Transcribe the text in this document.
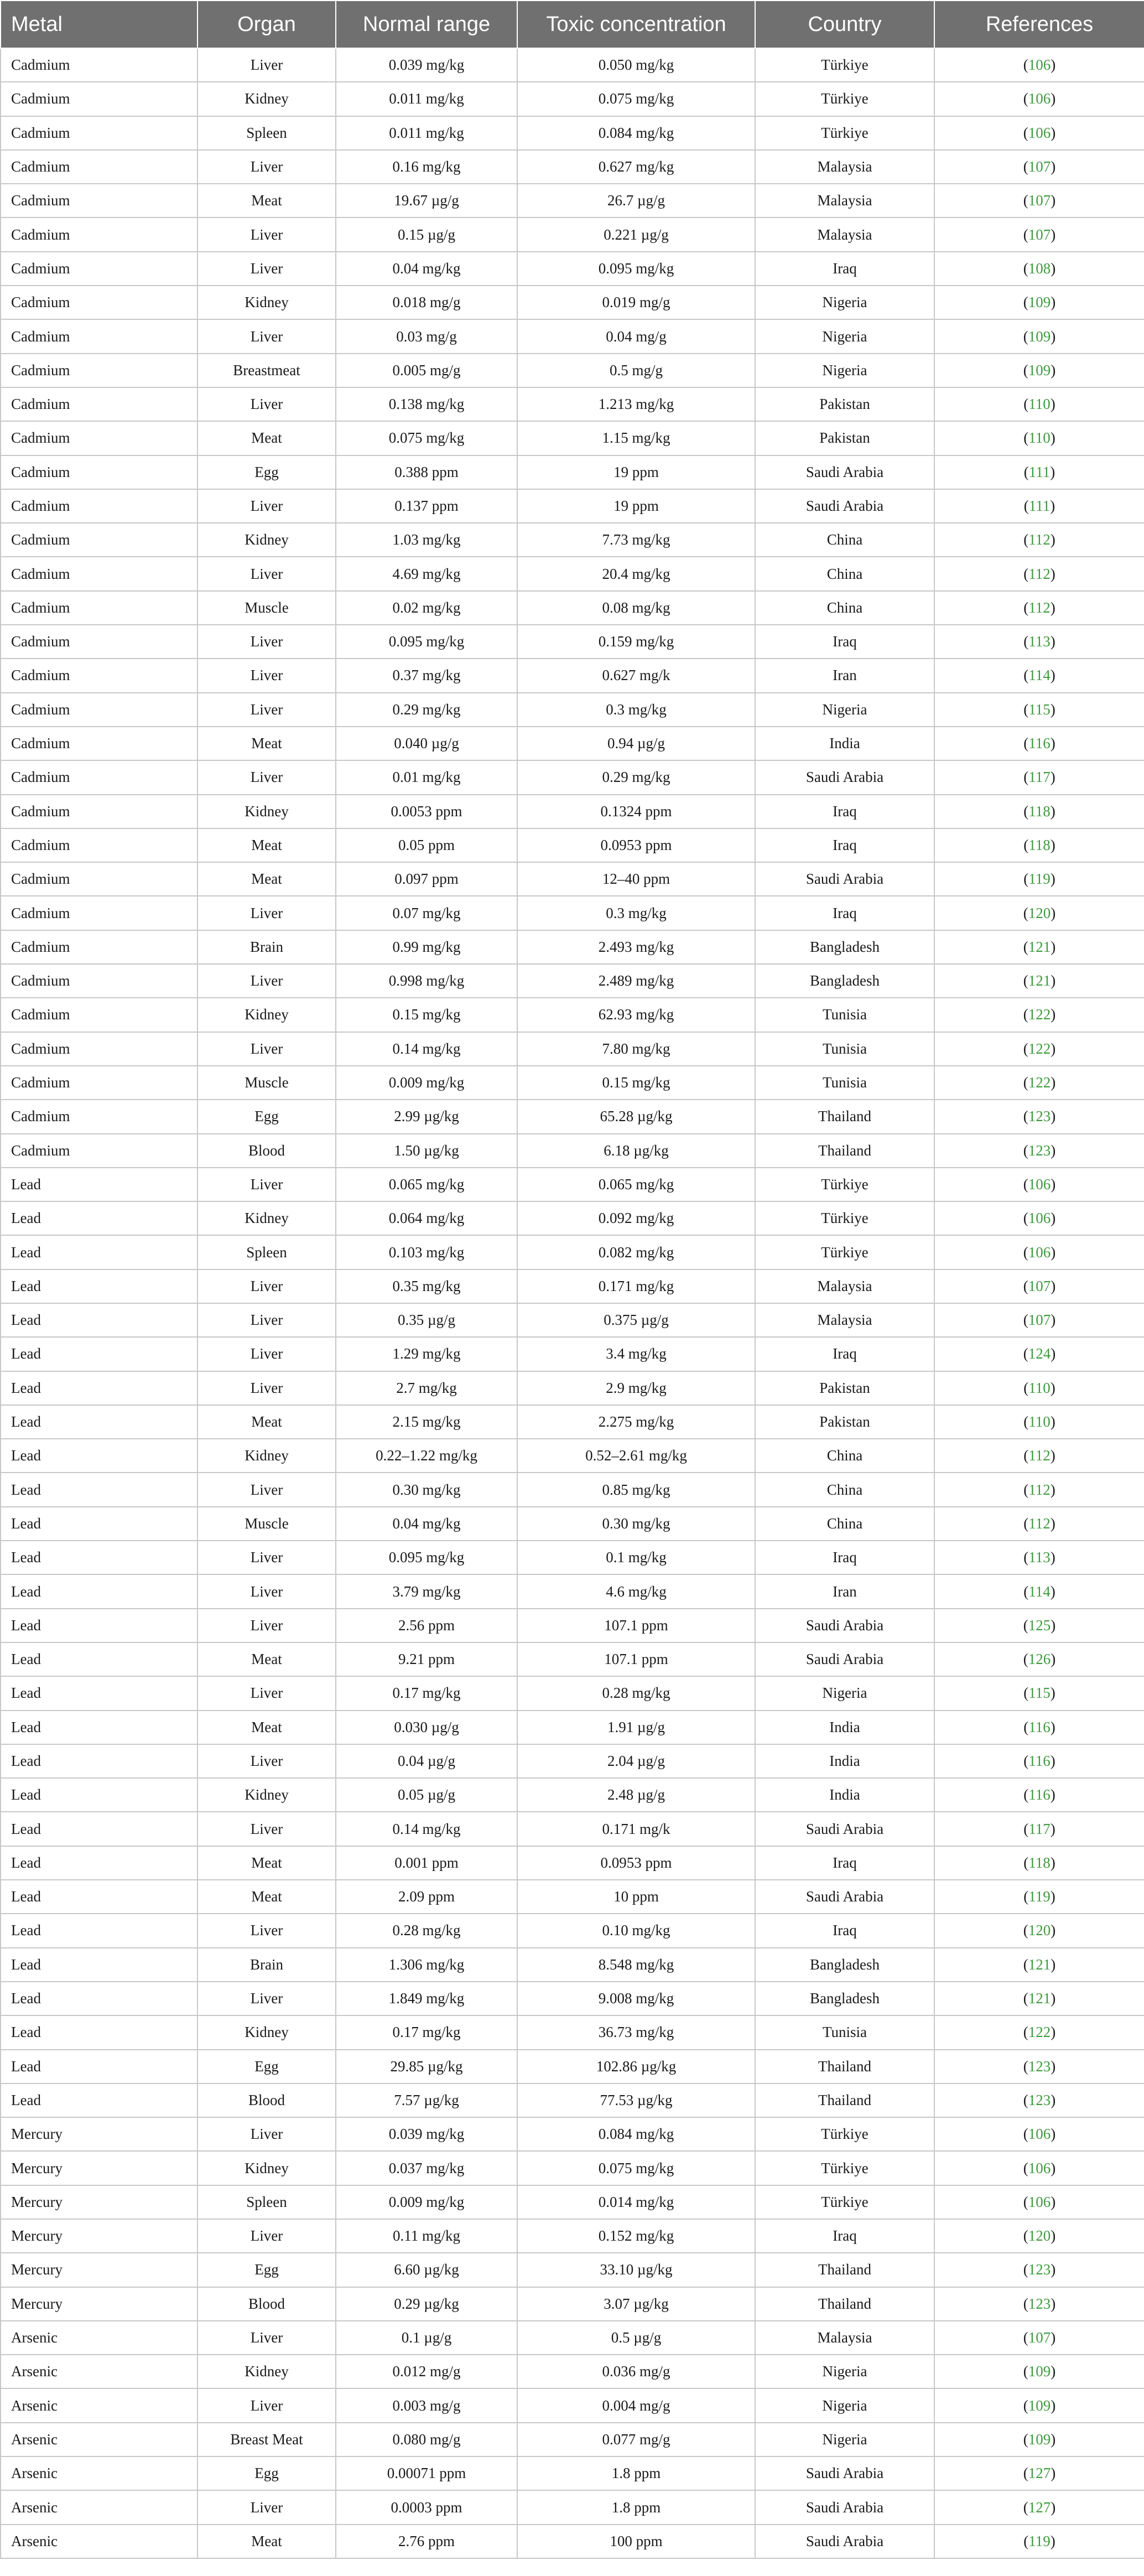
Metal	Organ	Normal range	Toxic concentration	Country	References
Cadmium	Liver	0.039 mg/kg	0.050 mg/kg	Türkiye	(106)
Cadmium	Kidney	0.011 mg/kg	0.075 mg/kg	Türkiye	(106)
Cadmium	Spleen	0.011 mg/kg	0.084 mg/kg	Türkiye	(106)
Cadmium	Liver	0.16 mg/kg	0.627 mg/kg	Malaysia	(107)
Cadmium	Meat	19.67 µg/g	26.7 µg/g	Malaysia	(107)
Cadmium	Liver	0.15 µg/g	0.221 µg/g	Malaysia	(107)
Cadmium	Liver	0.04 mg/kg	0.095 mg/kg	Iraq	(108)
Cadmium	Kidney	0.018 mg/g	0.019 mg/g	Nigeria	(109)
Cadmium	Liver	0.03 mg/g	0.04 mg/g	Nigeria	(109)
Cadmium	Breastmeat	0.005 mg/g	0.5 mg/g	Nigeria	(109)
Cadmium	Liver	0.138 mg/kg	1.213 mg/kg	Pakistan	(110)
Cadmium	Meat	0.075 mg/kg	1.15 mg/kg	Pakistan	(110)
Cadmium	Egg	0.388 ppm	19 ppm	Saudi Arabia	(111)
Cadmium	Liver	0.137 ppm	19 ppm	Saudi Arabia	(111)
Cadmium	Kidney	1.03 mg/kg	7.73 mg/kg	China	(112)
Cadmium	Liver	4.69 mg/kg	20.4 mg/kg	China	(112)
Cadmium	Muscle	0.02 mg/kg	0.08 mg/kg	China	(112)
Cadmium	Liver	0.095 mg/kg	0.159 mg/kg	Iraq	(113)
Cadmium	Liver	0.37 mg/kg	0.627 mg/k	Iran	(114)
Cadmium	Liver	0.29 mg/kg	0.3 mg/kg	Nigeria	(115)
Cadmium	Meat	0.040 µg/g	0.94 µg/g	India	(116)
Cadmium	Liver	0.01 mg/kg	0.29 mg/kg	Saudi Arabia	(117)
Cadmium	Kidney	0.0053 ppm	0.1324 ppm	Iraq	(118)
Cadmium	Meat	0.05 ppm	0.0953 ppm	Iraq	(118)
Cadmium	Meat	0.097 ppm	12–40 ppm	Saudi Arabia	(119)
Cadmium	Liver	0.07 mg/kg	0.3 mg/kg	Iraq	(120)
Cadmium	Brain	0.99 mg/kg	2.493 mg/kg	Bangladesh	(121)
Cadmium	Liver	0.998 mg/kg	2.489 mg/kg	Bangladesh	(121)
Cadmium	Kidney	0.15 mg/kg	62.93 mg/kg	Tunisia	(122)
Cadmium	Liver	0.14 mg/kg	7.80 mg/kg	Tunisia	(122)
Cadmium	Muscle	0.009 mg/kg	0.15 mg/kg	Tunisia	(122)
Cadmium	Egg	2.99 µg/kg	65.28 µg/kg	Thailand	(123)
Cadmium	Blood	1.50 µg/kg	6.18 µg/kg	Thailand	(123)
Lead	Liver	0.065 mg/kg	0.065 mg/kg	Türkiye	(106)
Lead	Kidney	0.064 mg/kg	0.092 mg/kg	Türkiye	(106)
Lead	Spleen	0.103 mg/kg	0.082 mg/kg	Türkiye	(106)
Lead	Liver	0.35 mg/kg	0.171 mg/kg	Malaysia	(107)
Lead	Liver	0.35 µg/g	0.375 µg/g	Malaysia	(107)
Lead	Liver	1.29 mg/kg	3.4 mg/kg	Iraq	(124)
Lead	Liver	2.7 mg/kg	2.9 mg/kg	Pakistan	(110)
Lead	Meat	2.15 mg/kg	2.275 mg/kg	Pakistan	(110)
Lead	Kidney	0.22–1.22 mg/kg	0.52–2.61 mg/kg	China	(112)
Lead	Liver	0.30 mg/kg	0.85 mg/kg	China	(112)
Lead	Muscle	0.04 mg/kg	0.30 mg/kg	China	(112)
Lead	Liver	0.095 mg/kg	0.1 mg/kg	Iraq	(113)
Lead	Liver	3.79 mg/kg	4.6 mg/kg	Iran	(114)
Lead	Liver	2.56 ppm	107.1 ppm	Saudi Arabia	(125)
Lead	Meat	9.21 ppm	107.1 ppm	Saudi Arabia	(126)
Lead	Liver	0.17 mg/kg	0.28 mg/kg	Nigeria	(115)
Lead	Meat	0.030 µg/g	1.91 µg/g	India	(116)
Lead	Liver	0.04 µg/g	2.04 µg/g	India	(116)
Lead	Kidney	0.05 µg/g	2.48 µg/g	India	(116)
Lead	Liver	0.14 mg/kg	0.171 mg/k	Saudi Arabia	(117)
Lead	Meat	0.001 ppm	0.0953 ppm	Iraq	(118)
Lead	Meat	2.09 ppm	10 ppm	Saudi Arabia	(119)
Lead	Liver	0.28 mg/kg	0.10 mg/kg	Iraq	(120)
Lead	Brain	1.306 mg/kg	8.548 mg/kg	Bangladesh	(121)
Lead	Liver	1.849 mg/kg	9.008 mg/kg	Bangladesh	(121)
Lead	Kidney	0.17 mg/kg	36.73 mg/kg	Tunisia	(122)
Lead	Egg	29.85 µg/kg	102.86 µg/kg	Thailand	(123)
Lead	Blood	7.57 µg/kg	77.53 µg/kg	Thailand	(123)
Mercury	Liver	0.039 mg/kg	0.084 mg/kg	Türkiye	(106)
Mercury	Kidney	0.037 mg/kg	0.075 mg/kg	Türkiye	(106)
Mercury	Spleen	0.009 mg/kg	0.014 mg/kg	Türkiye	(106)
Mercury	Liver	0.11 mg/kg	0.152 mg/kg	Iraq	(120)
Mercury	Egg	6.60 µg/kg	33.10 µg/kg	Thailand	(123)
Mercury	Blood	0.29 µg/kg	3.07 µg/kg	Thailand	(123)
Arsenic	Liver	0.1 µg/g	0.5 µg/g	Malaysia	(107)
Arsenic	Kidney	0.012 mg/g	0.036 mg/g	Nigeria	(109)
Arsenic	Liver	0.003 mg/g	0.004 mg/g	Nigeria	(109)
Arsenic	Breast Meat	0.080 mg/g	0.077 mg/g	Nigeria	(109)
Arsenic	Egg	0.00071 ppm	1.8 ppm	Saudi Arabia	(127)
Arsenic	Liver	0.0003 ppm	1.8 ppm	Saudi Arabia	(127)
Arsenic	Meat	2.76 ppm	100 ppm	Saudi Arabia	(119)
